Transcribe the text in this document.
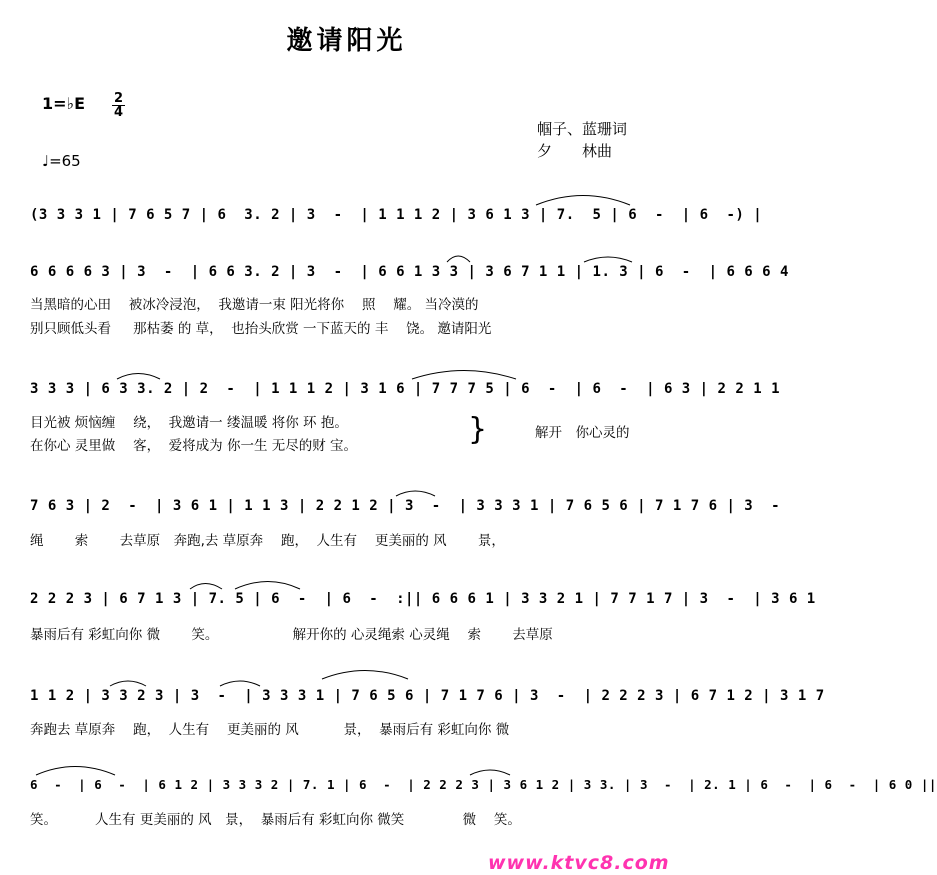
邀请阳光
1=♭E $\frac{2}{4}$
♩=65
帼子、蓝珊词
夕　　林曲
(3 3 3 1 | 7 6 5 7 | 6  3. 2 | 3  -  | 1 1 1 2 | 3 6 1 3 | 7.  5 | 6  -  | 6  -) |
6 6 6 6 3 | 3  -  | 6 6 3. 2 | 3  -  | 6 6 1 3 3 | 3 6 7 1 1 | 1. 3 | 6  -  | 6 6 6 4
当黑暗的心田　 被冰冷浸泡，  我邀请一束 阳光将你　 照　 耀。 当冷漠的
别只顾低头看　  那枯萎 的 草，  也抬头欣赏 一下蓝天的 丰　 饶。 邀请阳光
3 3 3 | 6 3 3. 2 | 2  -  | 1 1 1 2 | 3 1 6 | 7 7 7 5 | 6  -  | 6  -  | 6 3 | 2 2 1 1
目光被 烦恼缠　 绕，  我邀请一 缕温暖 将你 环 抱。
在你心 灵里做　 客，  爱将成为 你一生 无尽的财 宝。	}	解开　你心灵的
7 6 3 | 2  -  | 3 6 1 | 1 1 3 | 2 2 1 2 | 3  -  | 3 3 3 1 | 7 6 5 6 | 7 1 7 6 | 3  -
绳　　 索　　 去草原　奔跑,去 草原奔　 跑，  人生有　 更美丽的 风　　 景，
2 2 2 3 | 6 7 1 3 | 7. 5 | 6  -  | 6  -  :|| 6 6 6 1 | 3 3 2 1 | 7 7 1 7 | 3  -  | 3 6 1
暴雨后有 彩虹向你 微　　 笑。　　　　　　解开你的 心灵绳索 心灵绳　 索　　 去草原
1 1 2 | 3 3 2 3 | 3  -  | 3 3 3 1 | 7 6 5 6 | 7 1 7 6 | 3  -  | 2 2 2 3 | 6 7 1 2 | 3 1 7
奔跑去 草原奔　 跑，  人生有　 更美丽的 风　　　 景，  暴雨后有 彩虹向你 微
6  -  | 6  -  | 6 1 2 | 3 3 3 2 | 7. 1 | 6  -  | 2 2 2 3 | 3 6 1 2 | 3 3. | 3  -  | 2. 1 | 6  -  | 6  -  | 6 0 ||
笑。　　　 人生有 更美丽的 风　景，  暴雨后有 彩虹向你 微笑　　　　 微　 笑。
www.ktvc8.com
